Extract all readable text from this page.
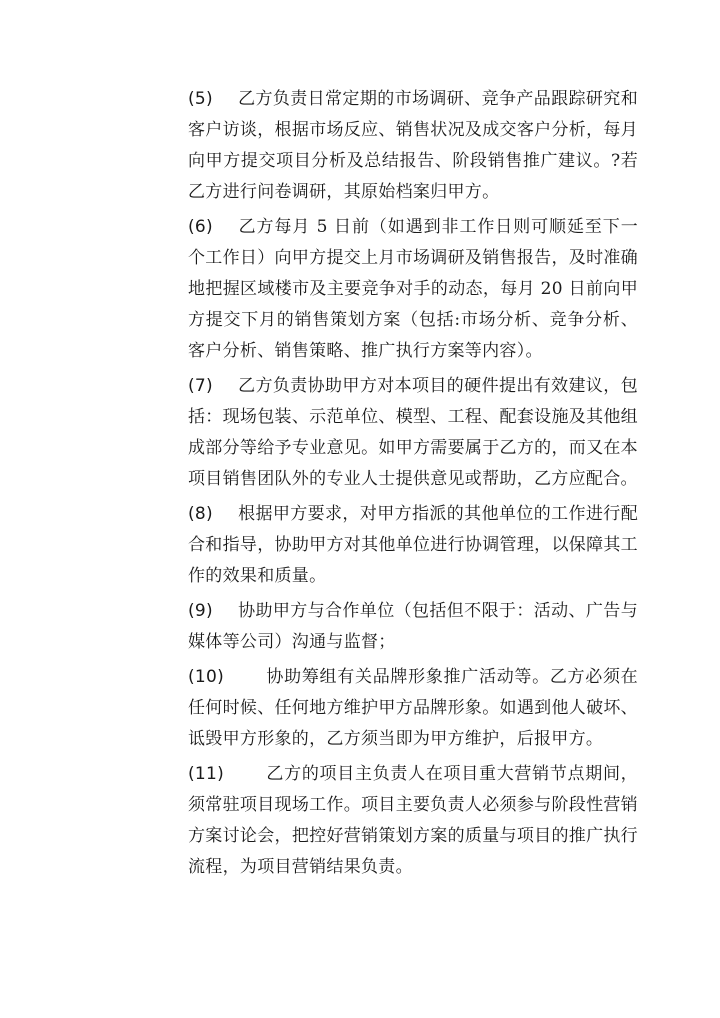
(5) 乙方负责日常定期的市场调研、竞争产品跟踪研究和客户访谈，根据市场反应、销售状况及成交客户分析，每月向甲方提交项目分析及总结报告、阶段销售推广建议。?若乙方进行问卷调研，其原始档案归甲方。

(6) 乙方每月 5 日前（如遇到非工作日则可顺延至下一个工作日）向甲方提交上月市场调研及销售报告，及时准确地把握区域楼市及主要竞争对手的动态，每月 20 日前向甲方提交下月的销售策划方案（包括:市场分析、竞争分析、客户分析、销售策略、推广执行方案等内容）。

(7) 乙方负责协助甲方对本项目的硬件提出有效建议，包括：现场包装、示范单位、模型、工程、配套设施及其他组成部分等给予专业意见。如甲方需要属于乙方的，而又在本项目销售团队外的专业人士提供意见或帮助，乙方应配合。

(8) 根据甲方要求，对甲方指派的其他单位的工作进行配合和指导，协助甲方对其他单位进行协调管理，以保障其工作的效果和质量。

(9) 协助甲方与合作单位（包括但不限于：活动、广告与媒体等公司）沟通与监督；

(10) 协助筹组有关品牌形象推广活动等。乙方必须在任何时候、任何地方维护甲方品牌形象。如遇到他人破坏、诋毁甲方形象的，乙方须当即为甲方维护，后报甲方。

(11) 乙方的项目主负责人在项目重大营销节点期间，须常驻项目现场工作。项目主要负责人必须参与阶段性营销方案讨论会，把控好营销策划方案的质量与项目的推广执行流程，为项目营销结果负责。
